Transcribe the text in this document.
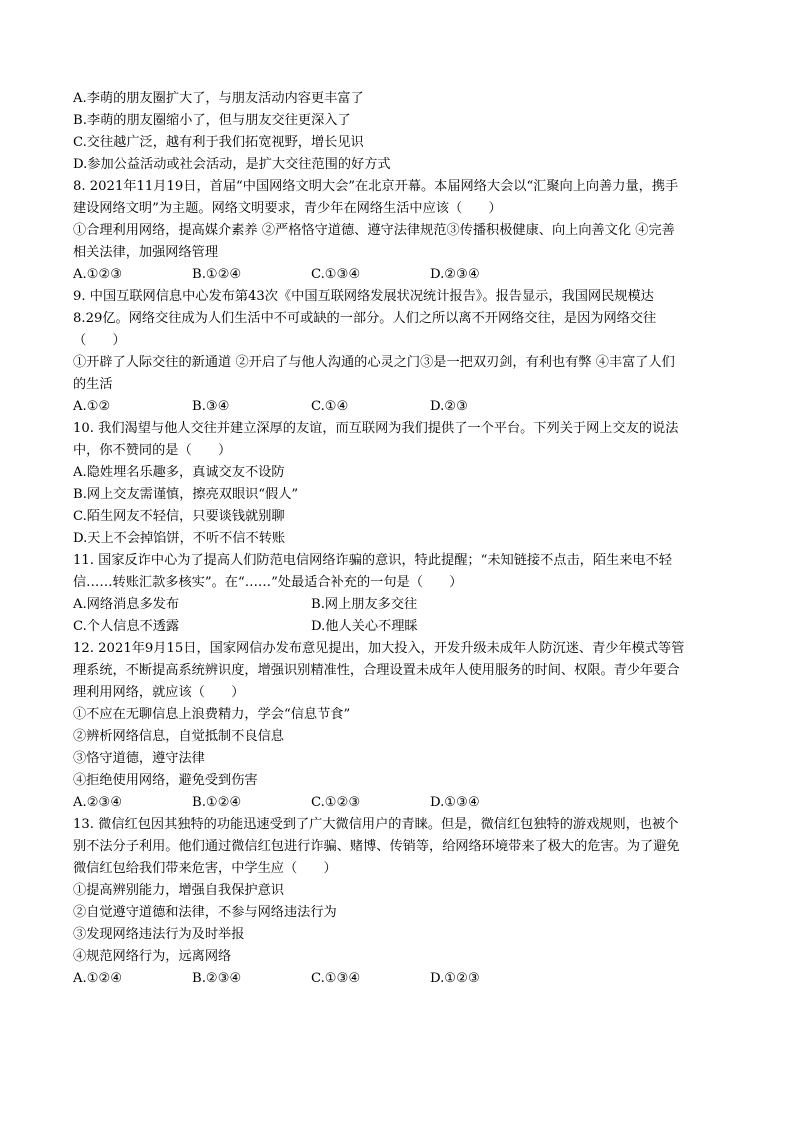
A.李萌的朋友圈扩大了，与朋友活动内容更丰富了
B.李萌的朋友圈缩小了，但与朋友交往更深入了
C.交往越广泛，越有利于我们拓宽视野，增长见识
D.参加公益活动或社会活动，是扩大交往范围的好方式
8. 2021年11月19日，首届“中国网络文明大会”在北京开幕。本届网络大会以“汇聚向上向善力量，携手
建设网络文明”为主题。网络文明要求，青少年在网络生活中应该（　　）
①合理利用网络，提高媒介素养 ②严格恪守道德、遵守法律规范③传播积极健康、向上向善文化 ④完善
相关法律，加强网络管理
A.①②③	B.①②④	C.①③④	D.②③④
9. 中国互联网信息中心发布第43次《中国互联网络发展状况统计报告》。报告显示，我国网民规模达
8.29亿。网络交往成为人们生活中不可或缺的一部分。人们之所以离不开网络交往，是因为网络交往
（　　）
①开辟了人际交往的新通道 ②开启了与他人沟通的心灵之门③是一把双刃剑，有利也有弊 ④丰富了人们
的生活
A.①②	B.③④	C.①④	D.②③
10. 我们渴望与他人交往并建立深厚的友谊，而互联网为我们提供了一个平台。下列关于网上交友的说法
中，你不赞同的是（　　）
A.隐姓埋名乐趣多，真诚交友不设防
B.网上交友需谨慎，擦亮双眼识“假人”
C.陌生网友不轻信，只要谈钱就别聊
D.天上不会掉馅饼，不听不信不转账
11. 国家反诈中心为了提高人们防范电信网络诈骗的意识，特此提醒；“未知链接不点击，陌生来电不轻
信……转账汇款多核实”。在“……”处最适合补充的一句是（　　）
A.网络消息多发布	B.网上朋友多交往
C.个人信息不透露	D.他人关心不理睬
12. 2021年9月15日，国家网信办发布意见提出，加大投入，开发升级未成年人防沉迷、青少年模式等管
理系统，不断提高系统辨识度，增强识别精准性，合理设置未成年人使用服务的时间、权限。青少年要合
理利用网络，就应该（　　）
①不应在无聊信息上浪费精力，学会“信息节食”
②辨析网络信息，自觉抵制不良信息
③恪守道德，遵守法律
④拒绝使用网络，避免受到伤害
A.②③④	B.①②④	C.①②③	D.①③④
13. 微信红包因其独特的功能迅速受到了广大微信用户的青睐。但是，微信红包独特的游戏规则，也被个
别不法分子利用。他们通过微信红包进行诈骗、赌博、传销等，给网络环境带来了极大的危害。为了避免
微信红包给我们带来危害，中学生应（　　）
①提高辨别能力，增强自我保护意识
②自觉遵守道德和法律，不参与网络违法行为
③发现网络违法行为及时举报
④规范网络行为，远离网络
A.①②④	B.②③④	C.①③④	D.①②③
